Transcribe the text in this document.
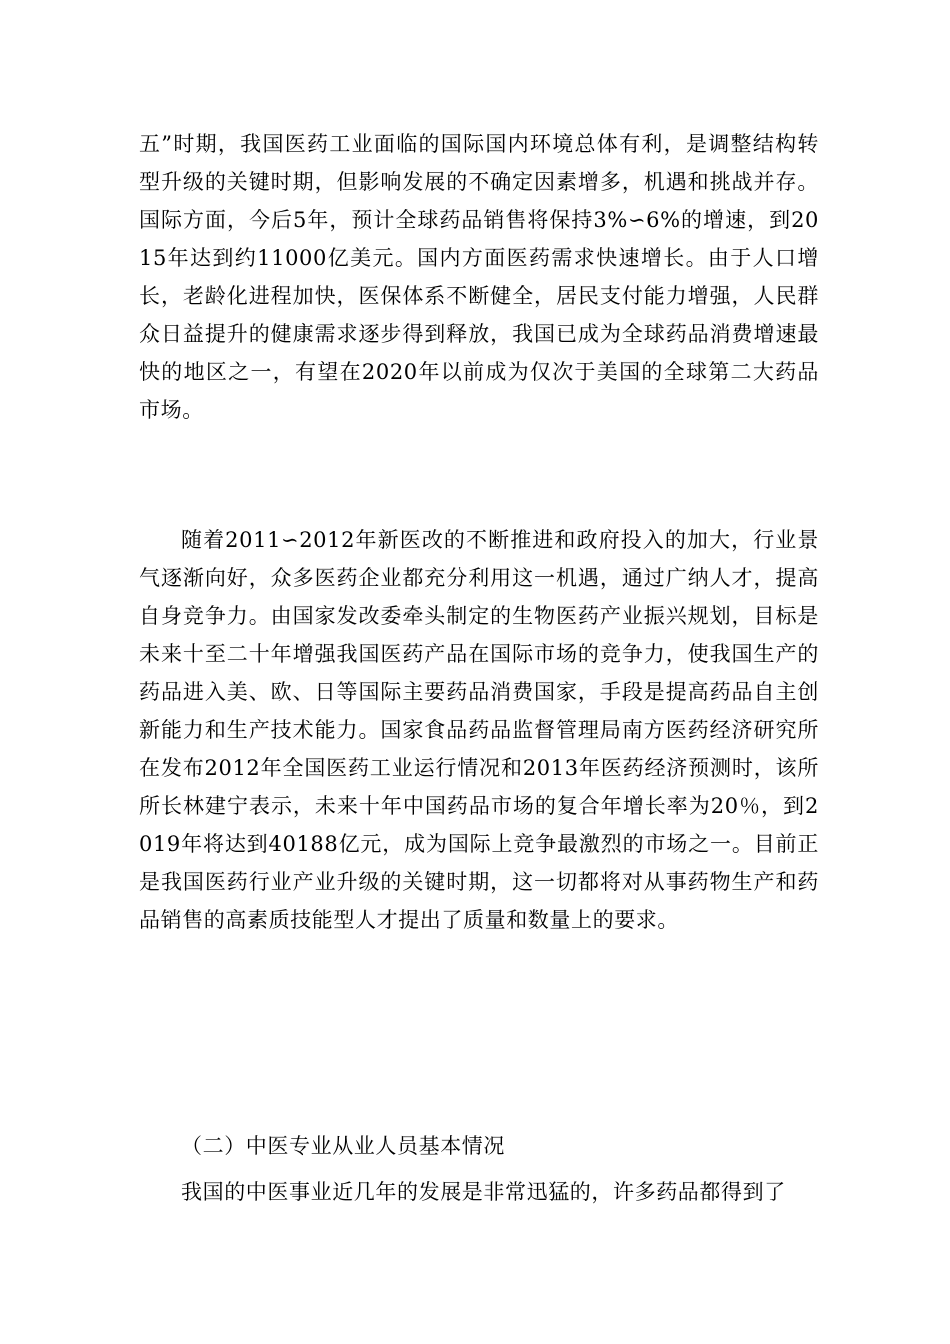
五”时期，我国医药工业面临的国际国内环境总体有利，是调整结构转型升级的关键时期，但影响发展的不确定因素增多，机遇和挑战并存。国际方面，今后5年，预计全球药品销售将保持3%∽6%的增速，到2015年达到约11000亿美元。国内方面医药需求快速增长。由于人口增长，老龄化进程加快，医保体系不断健全，居民支付能力增强，人民群众日益提升的健康需求逐步得到释放，我国已成为全球药品消费增速最快的地区之一，有望在2020年以前成为仅次于美国的全球第二大药品市场。

随着2011∽2012年新医改的不断推进和政府投入的加大，行业景气逐渐向好，众多医药企业都充分利用这一机遇，通过广纳人才，提高自身竞争力。由国家发改委牵头制定的生物医药产业振兴规划，目标是未来十至二十年增强我国医药产品在国际市场的竞争力，使我国生产的药品进入美、欧、日等国际主要药品消费国家，手段是提高药品自主创新能力和生产技术能力。国家食品药品监督管理局南方医药经济研究所在发布2012年全国医药工业运行情况和2013年医药经济预测时，该所所长林建宁表示，未来十年中国药品市场的复合年增长率为20％，到2019年将达到40188亿元，成为国际上竞争最激烈的市场之一。目前正是我国医药行业产业升级的关键时期，这一切都将对从事药物生产和药品销售的高素质技能型人才提出了质量和数量上的要求。

（二）中医专业从业人员基本情况

我国的中医事业近几年的发展是非常迅猛的，许多药品都得到了
